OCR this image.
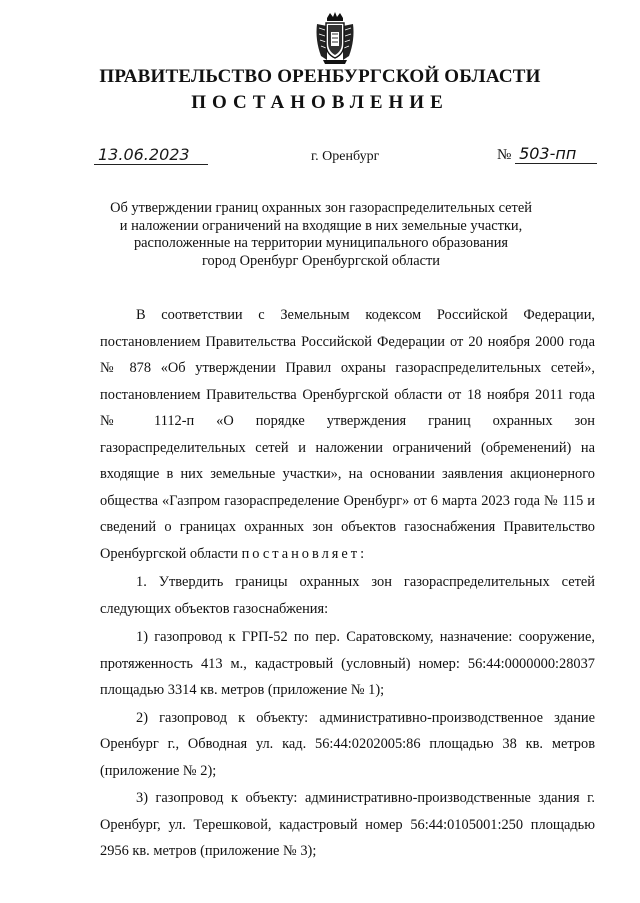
ПРАВИТЕЛЬСТВО ОРЕНБУРГСКОЙ ОБЛАСТИ
ПОСТАНОВЛЕНИЕ
13.06.2023	г. Оренбург	№ 503-пп
Об утверждении границ охранных зон газораспределительных сетей
и наложении ограничений на входящие в них земельные участки,
расположенные на территории муниципального образования
город Оренбург Оренбургской области

В соответствии с Земельным кодексом Российской Федерации, постановлением Правительства Российской Федерации от 20 ноября 2000 года № 878 «Об утверждении Правил охраны газораспределительных сетей», постановлением Правительства Оренбургской области от 18 ноября 2011 года № 1112-п «О порядке утверждения границ охранных зон газораспределительных сетей и наложении ограничений (обременений) на входящие в них земельные участки», на основании заявления акционерного общества «Газпром газораспределение Оренбург» от 6 марта 2023 года № 115 и сведений о границах охранных зон объектов газоснабжения Правительство Оренбургской области постановляет:

1. Утвердить границы охранных зон газораспределительных сетей следующих объектов газоснабжения:

1) газопровод к ГРП-52 по пер. Саратовскому, назначение: сооружение, протяженность 413 м., кадастровый (условный) номер: 56:44:0000000:28037 площадью 3314 кв. метров (приложение № 1);

2) газопровод к объекту: административно-производственное здание Оренбург г., Обводная ул. кад. 56:44:0202005:86 площадью 38 кв. метров (приложение № 2);

3) газопровод к объекту: административно-производственные здания г. Оренбург, ул. Терешковой, кадастровый номер 56:44:0105001:250 площадью 2956 кв. метров (приложение № 3);
